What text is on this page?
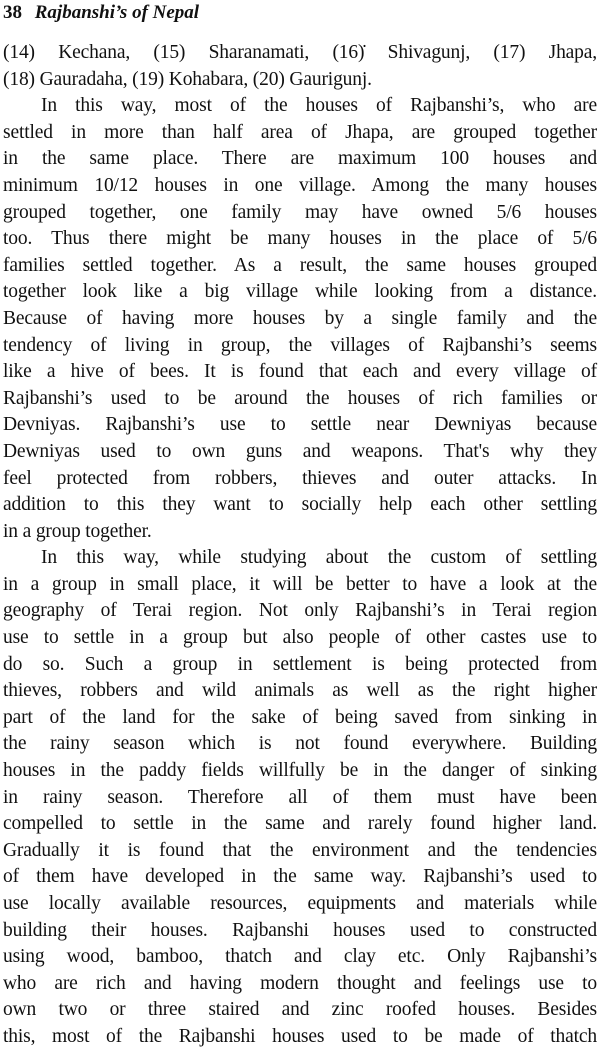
38 Rajbanshi’s of Nepal
(14) Kechana, (15) Sharanamati, (16)̇ Shivagunj, (17) Jhapa,
(18) Gauradaha, (19) Kohabara, (20) Gaurigunj.
In this way, most of the houses of Rajbanshi’s, who are
settled in more than half area of Jhapa, are grouped together
in the same place. There are maximum 100 houses and
minimum 10/12 houses in one village. Among the many houses
grouped together, one family may have owned 5/6 houses
too. Thus there might be many houses in the place of 5/6
families settled together. As a result, the same houses grouped
together look like a big village while looking from a distance.
Because of having more houses by a single family and the
tendency of living in group, the villages of Rajbanshi’s seems
like a hive of bees. It is found that each and every village of
Rajbanshi’s used to be around the houses of rich families or
Devniyas. Rajbanshi’s use to settle near Dewniyas because
Dewniyas used to own guns and weapons. That's why they
feel protected from robbers, thieves and outer attacks. In
addition to this they want to socially help each other settling
in a group together.
In this way, while studying about the custom of settling
in a group in small place, it will be better to have a look at the
geography of Terai region. Not only Rajbanshi’s in Terai region
use to settle in a group but also people of other castes use to
do so. Such a group in settlement is being protected from
thieves, robbers and wild animals as well as the right higher
part of the land for the sake of being saved from sinking in
the rainy season which is not found everywhere. Building
houses in the paddy fields willfully be in the danger of sinking
in rainy season. Therefore all of them must have been
compelled to settle in the same and rarely found higher land.
Gradually it is found that the environment and the tendencies
of them have developed in the same way. Rajbanshi’s used to
use locally available resources, equipments and materials while
building their houses. Rajbanshi houses used to constructed
using wood, bamboo, thatch and clay etc. Only Rajbanshi’s
who are rich and having modern thought and feelings use to
own two or three staired and zinc roofed houses. Besides
this, most of the Rajbanshi houses used to be made of thatch
